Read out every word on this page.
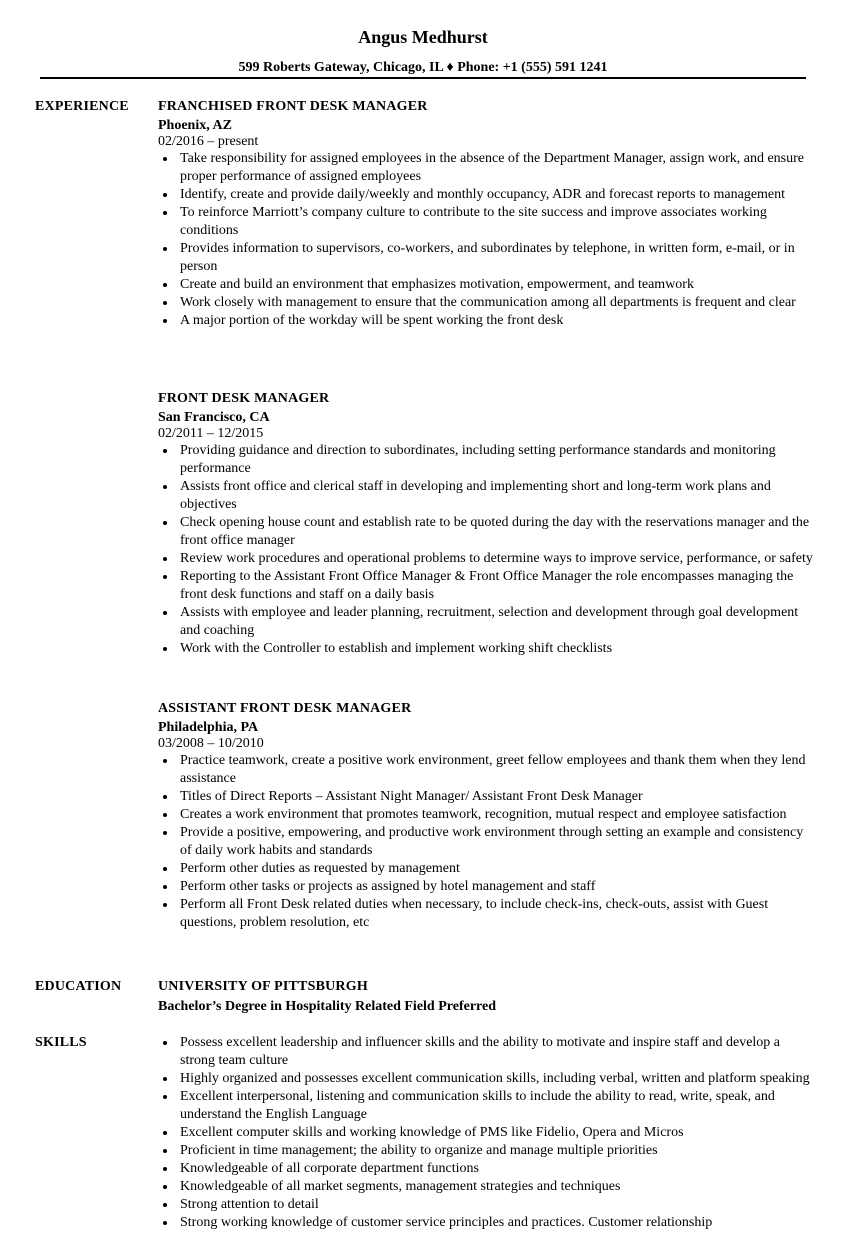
Angus Medhurst
599 Roberts Gateway, Chicago, IL ♦ Phone: +1 (555) 591 1241
EXPERIENCE
EDUCATION
SKILLS
FRANCHISED FRONT DESK MANAGER
Phoenix, AZ
02/2016 – present
Take responsibility for assigned employees in the absence of the Department Manager, assign work, and ensure proper performance of assigned employees
Identify, create and provide daily/weekly and monthly occupancy, ADR and forecast reports to management
To reinforce Marriott’s company culture to contribute to the site success and improve associates working conditions
Provides information to supervisors, co-workers, and subordinates by telephone, in written form, e-mail, or in person
Create and build an environment that emphasizes motivation, empowerment, and teamwork
Work closely with management to ensure that the communication among all departments is frequent and clear
A major portion of the workday will be spent working the front desk
FRONT DESK MANAGER
San Francisco, CA
02/2011 – 12/2015
Providing guidance and direction to subordinates, including setting performance standards and monitoring performance
Assists front office and clerical staff in developing and implementing short and long-term work plans and objectives
Check opening house count and establish rate to be quoted during the day with the reservations manager and the front office manager
Review work procedures and operational problems to determine ways to improve service, performance, or safety
Reporting to the Assistant Front Office Manager & Front Office Manager the role encompasses managing the front desk functions and staff on a daily basis
Assists with employee and leader planning, recruitment, selection and development through goal development and coaching
Work with the Controller to establish and implement working shift checklists
ASSISTANT FRONT DESK MANAGER
Philadelphia, PA
03/2008 – 10/2010
Practice teamwork, create a positive work environment, greet fellow employees and thank them when they lend assistance
Titles of Direct Reports – Assistant Night Manager/ Assistant Front Desk Manager
Creates a work environment that promotes teamwork, recognition, mutual respect and employee satisfaction
Provide a positive, empowering, and productive work environment through setting an example and consistency of daily work habits and standards
Perform other duties as requested by management
Perform other tasks or projects as assigned by hotel management and staff
Perform all Front Desk related duties when necessary, to include check-ins, check-outs, assist with Guest questions, problem resolution, etc
UNIVERSITY OF PITTSBURGH
Bachelor’s Degree in Hospitality Related Field Preferred
Possess excellent leadership and influencer skills and the ability to motivate and inspire staff and develop a strong team culture
Highly organized and possesses excellent communication skills, including verbal, written and platform speaking
Excellent interpersonal, listening and communication skills to include the ability to read, write, speak, and understand the English Language
Excellent computer skills and working knowledge of PMS like Fidelio, Opera and Micros
Proficient in time management; the ability to organize and manage multiple priorities
Knowledgeable of all corporate department functions
Knowledgeable of all market segments, management strategies and techniques
Strong attention to detail
Strong working knowledge of customer service principles and practices. Customer relationship
